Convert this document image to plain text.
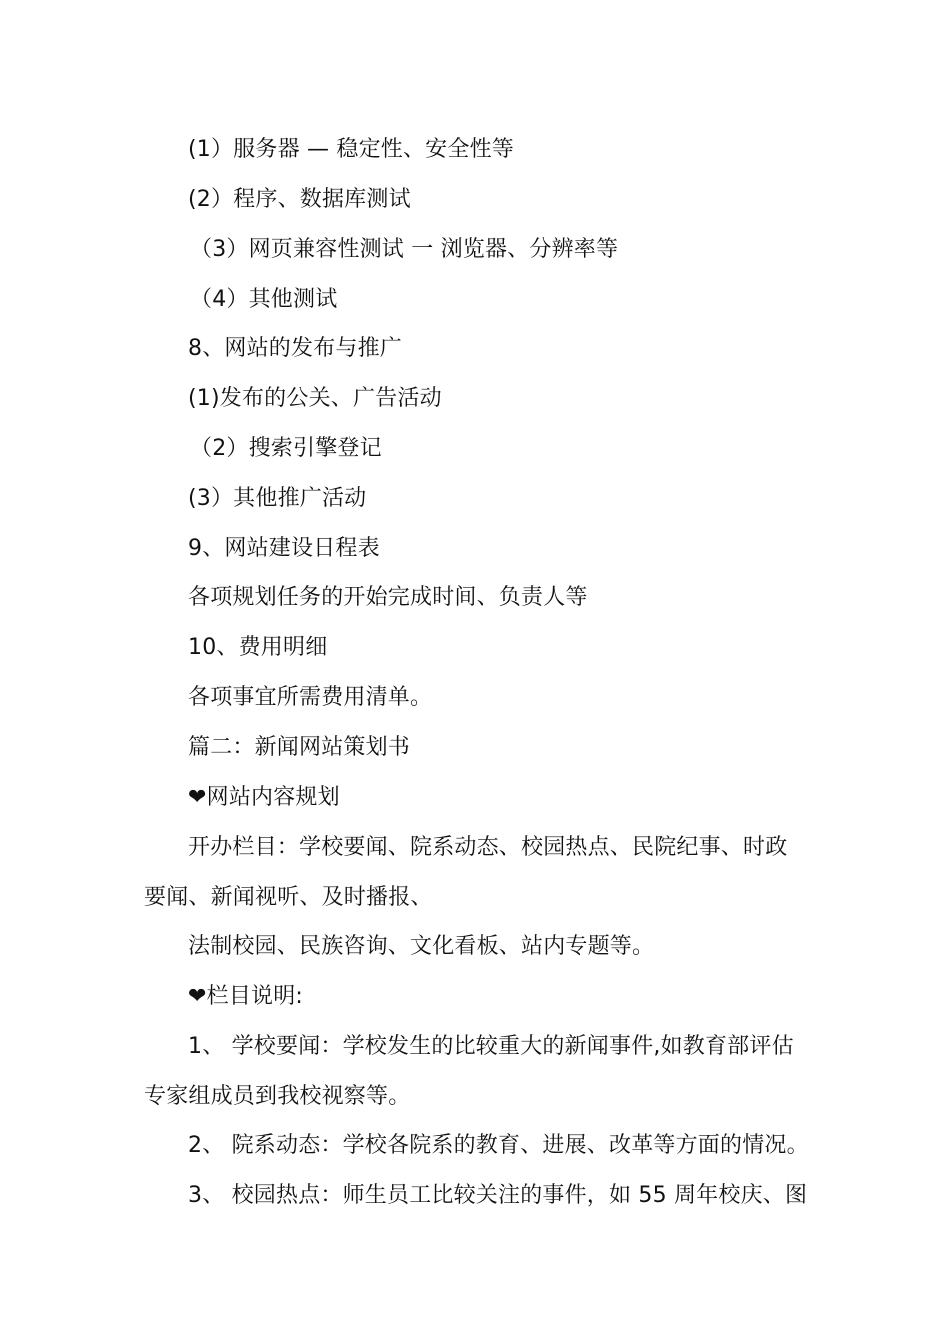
(1）服务器 — 稳定性、安全性等
(2）程序、数据库测试
（3）网页兼容性测试 一 浏览器、分辨率等
（4）其他测试
8、网站的发布与推广
(1)发布的公关、广告活动
（2）搜索引擎登记
(3）其他推广活动
9、网站建设日程表
各项规划任务的开始完成时间、负责人等
10、费用明细
各项事宜所需费用清单。
篇二：新闻网站策划书
❤网站内容规划
开办栏目：学校要闻、院系动态、校园热点、民院纪事、时政
要闻、新闻视听、及时播报、
法制校园、民族咨询、文化看板、站内专题等。
❤栏目说明:
1、 学校要闻：学校发生的比较重大的新闻事件,如教育部评估
专家组成员到我校视察等。
2、 院系动态：学校各院系的教育、进展、改革等方面的情况。
3、 校园热点：师生员工比较关注的事件，如 55 周年校庆、图
